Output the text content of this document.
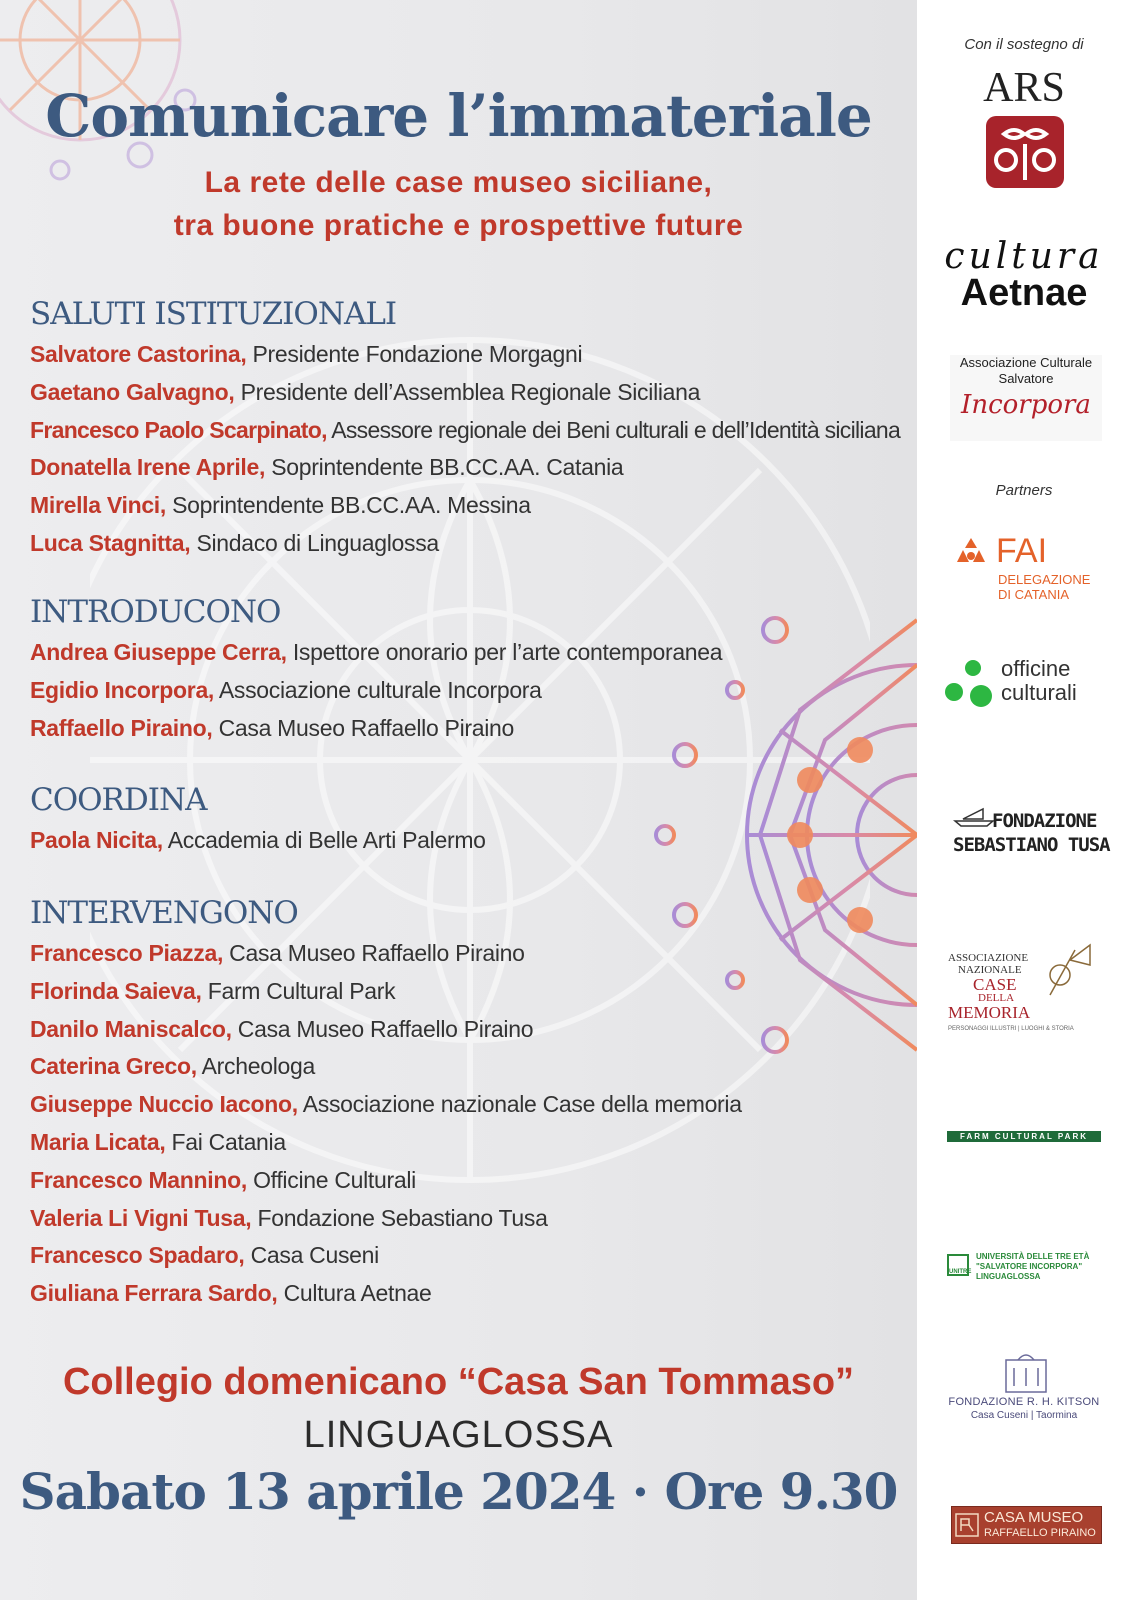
Comunicare l’immateriale
La rete delle case museo siciliane,
tra buone pratiche e prospettive future
SALUTI ISTITUZIONALI
Salvatore Castorina, Presidente Fondazione Morgagni
Gaetano Galvagno, Presidente dell’Assemblea Regionale Siciliana
Francesco Paolo Scarpinato, Assessore regionale dei Beni culturali e dell’Identità siciliana
Donatella Irene Aprile, Soprintendente BB.CC.AA. Catania
Mirella Vinci, Soprintendente BB.CC.AA. Messina
Luca Stagnitta, Sindaco di Linguaglossa
INTRODUCONO
Andrea Giuseppe Cerra, Ispettore onorario per l’arte contemporanea
Egidio Incorpora, Associazione culturale Incorpora
Raffaello Piraino, Casa Museo Raffaello Piraino
COORDINA
Paola Nicita, Accademia di Belle Arti Palermo
INTERVENGONO
Francesco Piazza, Casa Museo Raffaello Piraino
Florinda Saieva, Farm Cultural Park
Danilo Maniscalco, Casa Museo Raffaello Piraino
Caterina Greco, Archeologa
Giuseppe Nuccio Iacono, Associazione nazionale Case della memoria
Maria Licata, Fai Catania
Francesco Mannino, Officine Culturali
Valeria Li Vigni Tusa, Fondazione Sebastiano Tusa
Francesco Spadaro, Casa Cuseni
Giuliana Ferrara Sardo, Cultura Aetnae
Collegio domenicano “Casa San Tommaso”
LINGUAGLOSSA
Sabato 13 aprile 2024 · Ore 9.30
Con il sostegno di
ARS
cultura
Aetnae
Associazione Culturale
Salvatore
Incorpora
Partners
FAI
DELEGAZIONE
DI CATANIA
officine
culturali
FONDAZIONE
SEBASTIANO TUSA
ASSOCIAZIONE
NAZIONALE
CASE
DELLA
MEMORIA
PERSONAGGI ILLUSTRI | LUOGHI & STORIA
FARM CULTURAL PARK
UNITRE
UNIVERSITÀ DELLE TRE ETÀ
"SALVATORE INCORPORA"
LINGUAGLOSSA
FONDAZIONE R. H. KITSON
Casa Cuseni | Taormina
CASA MUSEO
RAFFAELLO PIRAINO
